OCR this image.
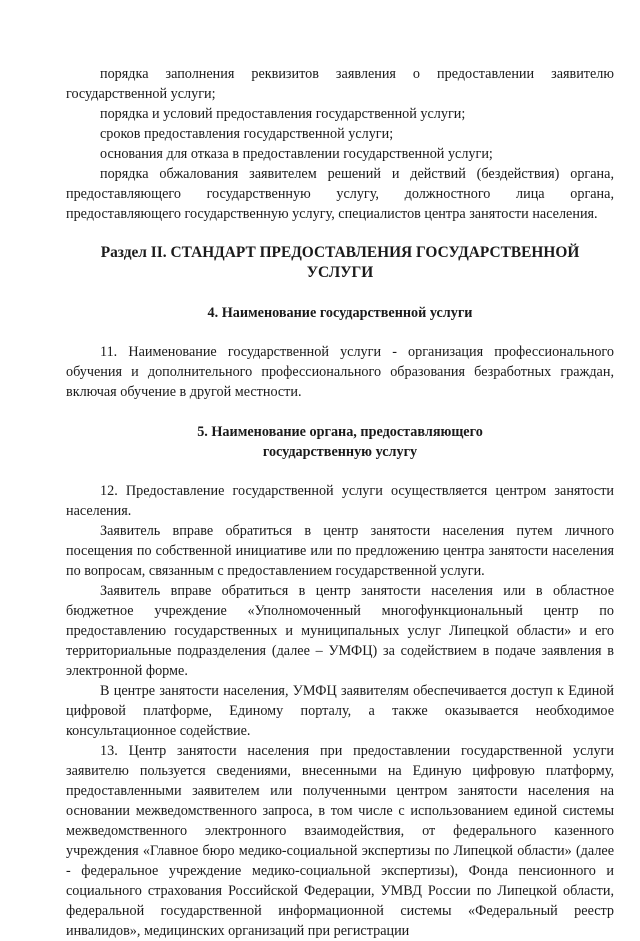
порядка заполнения реквизитов заявления о предоставлении заявителю государственной услуги;

порядка и условий предоставления государственной услуги;

сроков предоставления государственной услуги;

основания для отказа в предоставлении государственной услуги;

порядка обжалования заявителем решений и действий (бездействия) органа, предоставляющего государственную услугу, должностного лица органа, предоставляющего государственную услугу, специалистов центра занятости населения.

Раздел II. СТАНДАРТ ПРЕДОСТАВЛЕНИЯ ГОСУДАРСТВЕННОЙ УСЛУГИ
4. Наименование государственной услуги

11. Наименование государственной услуги - организация профессионального обучения и дополнительного профессионального образования безработных граждан, включая обучение в другой местности.

5. Наименование органа, предоставляющего
государственную услугу

12. Предоставление государственной услуги осуществляется центром занятости населения.

Заявитель вправе обратиться в центр занятости населения путем личного посещения по собственной инициативе или по предложению центра занятости населения по вопросам, связанным с предоставлением государственной услуги.

Заявитель вправе обратиться в центр занятости населения или в областное бюджетное учреждение «Уполномоченный многофункциональный центр по предоставлению государственных и муниципальных услуг Липецкой области» и его территориальные подразделения (далее – УМФЦ) за содействием в подаче заявления в электронной форме.

В центре занятости населения, УМФЦ заявителям обеспечивается доступ к Единой цифровой платформе, Единому порталу, а также оказывается необходимое консультационное содействие.

13. Центр занятости населения при предоставлении государственной услуги заявителю пользуется сведениями, внесенными на Единую цифровую платформу, предоставленными заявителем или полученными центром занятости населения на основании межведомственного запроса, в том числе с использованием единой системы межведомственного электронного взаимодействия, от федерального казенного учреждения «Главное бюро медико-социальной экспертизы по Липецкой области» (далее - федеральное учреждение медико-социальной экспертизы), Фонда пенсионного и социального страхования Российской Федерации, УМВД России по Липецкой области, федеральной государственной информационной системы «Федеральный реестр инвалидов», медицинских организаций при регистрации
